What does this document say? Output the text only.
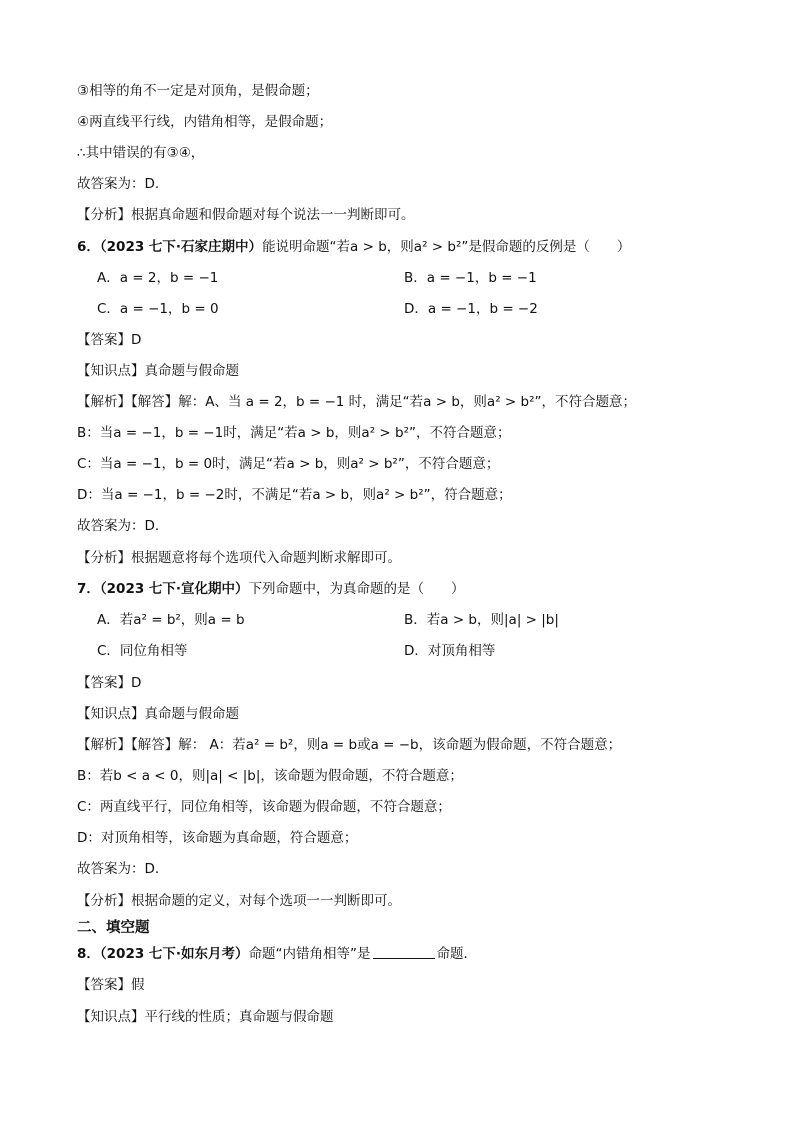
③相等的角不一定是对顶角，是假命题；
④两直线平行线，内错角相等，是假命题；
∴其中错误的有③④，
故答案为：D.
【分析】根据真命题和假命题对每个说法一一判断即可。
6．（2023 七下·石家庄期中）能说明命题“若a > b，则a² > b²”是假命题的反例是（　　）
A．a = 2，b = −1	B．a = −1，b = −1
C．a = −1，b = 0	D．a = −1，b = −2
【答案】D
【知识点】真命题与假命题
【解析】【解答】解：A、当 a = 2，b = −1 时，满足“若a > b，则a² > b²”，不符合题意；
B：当a = −1，b = −1时，满足“若a > b，则a² > b²”，不符合题意；
C：当a = −1，b = 0时，满足“若a > b，则a² > b²”，不符合题意；
D：当a = −1，b = −2时，不满足“若a > b，则a² > b²”，符合题意；
故答案为：D.
【分析】根据题意将每个选项代入命题判断求解即可。
7．（2023 七下·宣化期中）下列命题中，为真命题的是（　　）
A．若a² = b²，则a = b	B．若a > b，则|a| > |b|
C．同位角相等	D．对顶角相等
【答案】D
【知识点】真命题与假命题
【解析】【解答】解： A：若a² = b²，则a = b或a = −b，该命题为假命题，不符合题意；
B：若b < a < 0，则|a| < |b|，该命题为假命题，不符合题意；
C：两直线平行，同位角相等，该命题为假命题，不符合题意；
D：对顶角相等，该命题为真命题，符合题意；
故答案为：D.
【分析】根据命题的定义，对每个选项一一判断即可。
二、填空题
8．（2023 七下·如东月考）命题“内错角相等”是	命题．
【答案】假
【知识点】平行线的性质；真命题与假命题
